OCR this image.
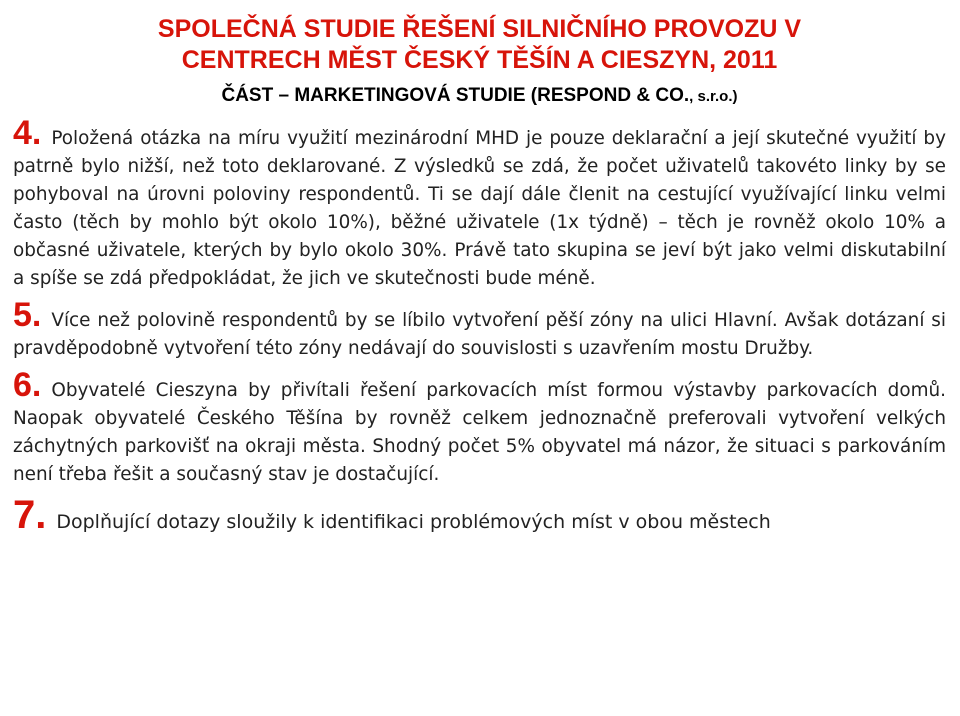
SPOLEČNÁ STUDIE ŘEŠENÍ SILNIČNÍHO PROVOZU V
CENTRECH MĚST ČESKÝ TĚŠÍN A CIESZYN, 2011
ČÁST – MARKETINGOVÁ STUDIE (RESPOND & CO., s.r.o.)

4. Položená otázka na míru využití mezinárodní MHD je pouze deklarační a její skutečné využití by patrně bylo nižší, než toto deklarované. Z výsledků se zdá, že počet uživatelů takovéto linky by se pohyboval na úrovni poloviny respondentů. Ti se dají dále členit na cestující využívající linku velmi často (těch by mohlo být okolo 10%), běžné uživatele (1x týdně) – těch je rovněž okolo 10% a občasné uživatele, kterých by bylo okolo 30%. Právě tato skupina se jeví být jako velmi diskutabilní a spíše se zdá předpokládat, že jich ve skutečnosti bude méně.

5. Více než polovině respondentů by se líbilo vytvoření pěší zóny na ulici Hlavní. Avšak dotázaní si pravděpodobně vytvoření této zóny nedávají do souvislosti s uzavřením mostu Družby.

6. Obyvatelé Cieszyna by přivítali řešení parkovacích míst formou výstavby parkovacích domů. Naopak obyvatelé Českého Těšína by rovněž celkem jednoznačně preferovali vytvoření velkých záchytných parkovišť na okraji města. Shodný počet 5% obyvatel má názor, že situaci s parkováním není třeba řešit a současný stav je dostačující.

7. Doplňující dotazy sloužily k identifikaci problémových míst v obou městech
